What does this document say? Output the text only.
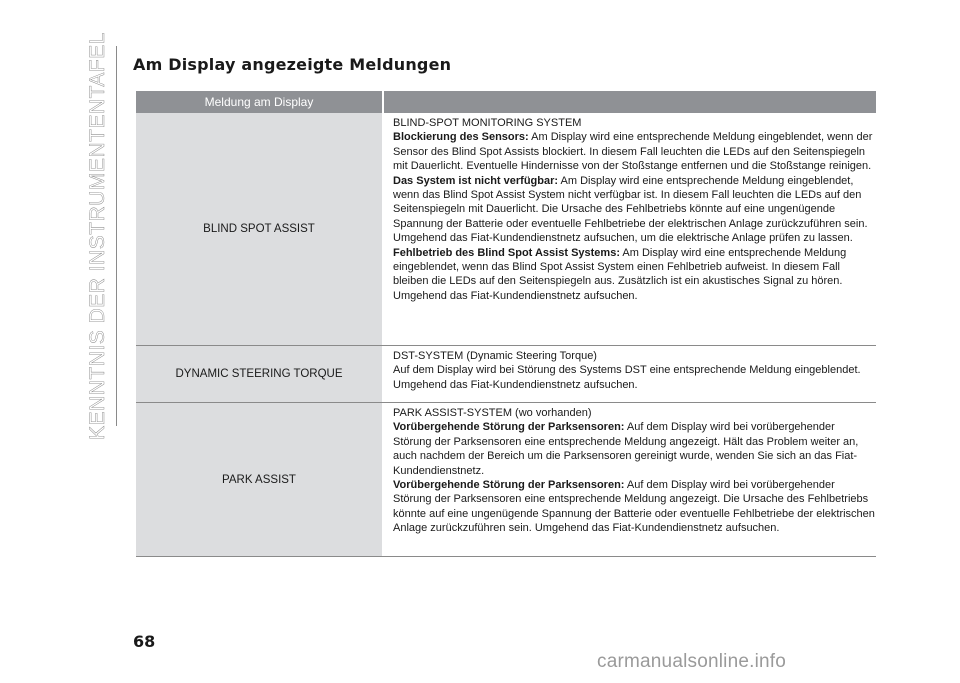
KENNTNIS DER INSTRUMENTENTAFEL Am Display angezeigte Meldungen
Meldung am Display
BLIND SPOT ASSIST
BLIND-SPOT MONITORING SYSTEM
Blockierung des Sensors: Am Display wird eine entsprechende Meldung eingeblendet, wenn der Sensor des Blind Spot Assists blockiert. In diesem Fall leuchten die LEDs auf den Seitenspiegeln mit Dauerlicht. Eventuelle Hindernisse von der Stoßstange entfernen und die Stoßstange reinigen.
Das System ist nicht verfügbar: Am Display wird eine entsprechende Meldung eingeblendet, wenn das Blind Spot Assist System nicht verfügbar ist. In diesem Fall leuchten die LEDs auf den Seitenspiegeln mit Dauerlicht. Die Ursache des Fehlbetriebs könnte auf eine ungenügende Spannung der Batterie oder eventuelle Fehlbetriebe der elektrischen Anlage zurückzuführen sein. Umgehend das Fiat-Kundendienstnetz aufsuchen, um die elektrische Anlage prüfen zu lassen.
Fehlbetrieb des Blind Spot Assist Systems: Am Display wird eine entsprechende Meldung eingeblendet, wenn das Blind Spot Assist System einen Fehlbetrieb aufweist. In diesem Fall bleiben die LEDs auf den Seitenspiegeln aus. Zusätzlich ist ein akustisches Signal zu hören. Umgehend das Fiat-Kundendienstnetz aufsuchen.
DYNAMIC STEERING TORQUE
DST-SYSTEM (Dynamic Steering Torque)
Auf dem Display wird bei Störung des Systems DST eine entsprechende Meldung eingeblendet. Umgehend das Fiat-Kundendienstnetz aufsuchen.
PARK ASSIST
PARK ASSIST-SYSTEM (wo vorhanden)
Vorübergehende Störung der Parksensoren: Auf dem Display wird bei vorübergehender Störung der Parksensoren eine entsprechende Meldung angezeigt. Hält das Problem weiter an, auch nachdem der Bereich um die Parksensoren gereinigt wurde, wenden Sie sich an das Fiat-Kundendienstnetz.
Vorübergehende Störung der Parksensoren: Auf dem Display wird bei vorübergehender Störung der Parksensoren eine entsprechende Meldung angezeigt. Die Ursache des Fehlbetriebs könnte auf eine ungenügende Spannung der Batterie oder eventuelle Fehlbetriebe der elektrischen Anlage zurückzuführen sein. Umgehend das Fiat-Kundendienstnetz aufsuchen.
68
carmanualsonline.info
